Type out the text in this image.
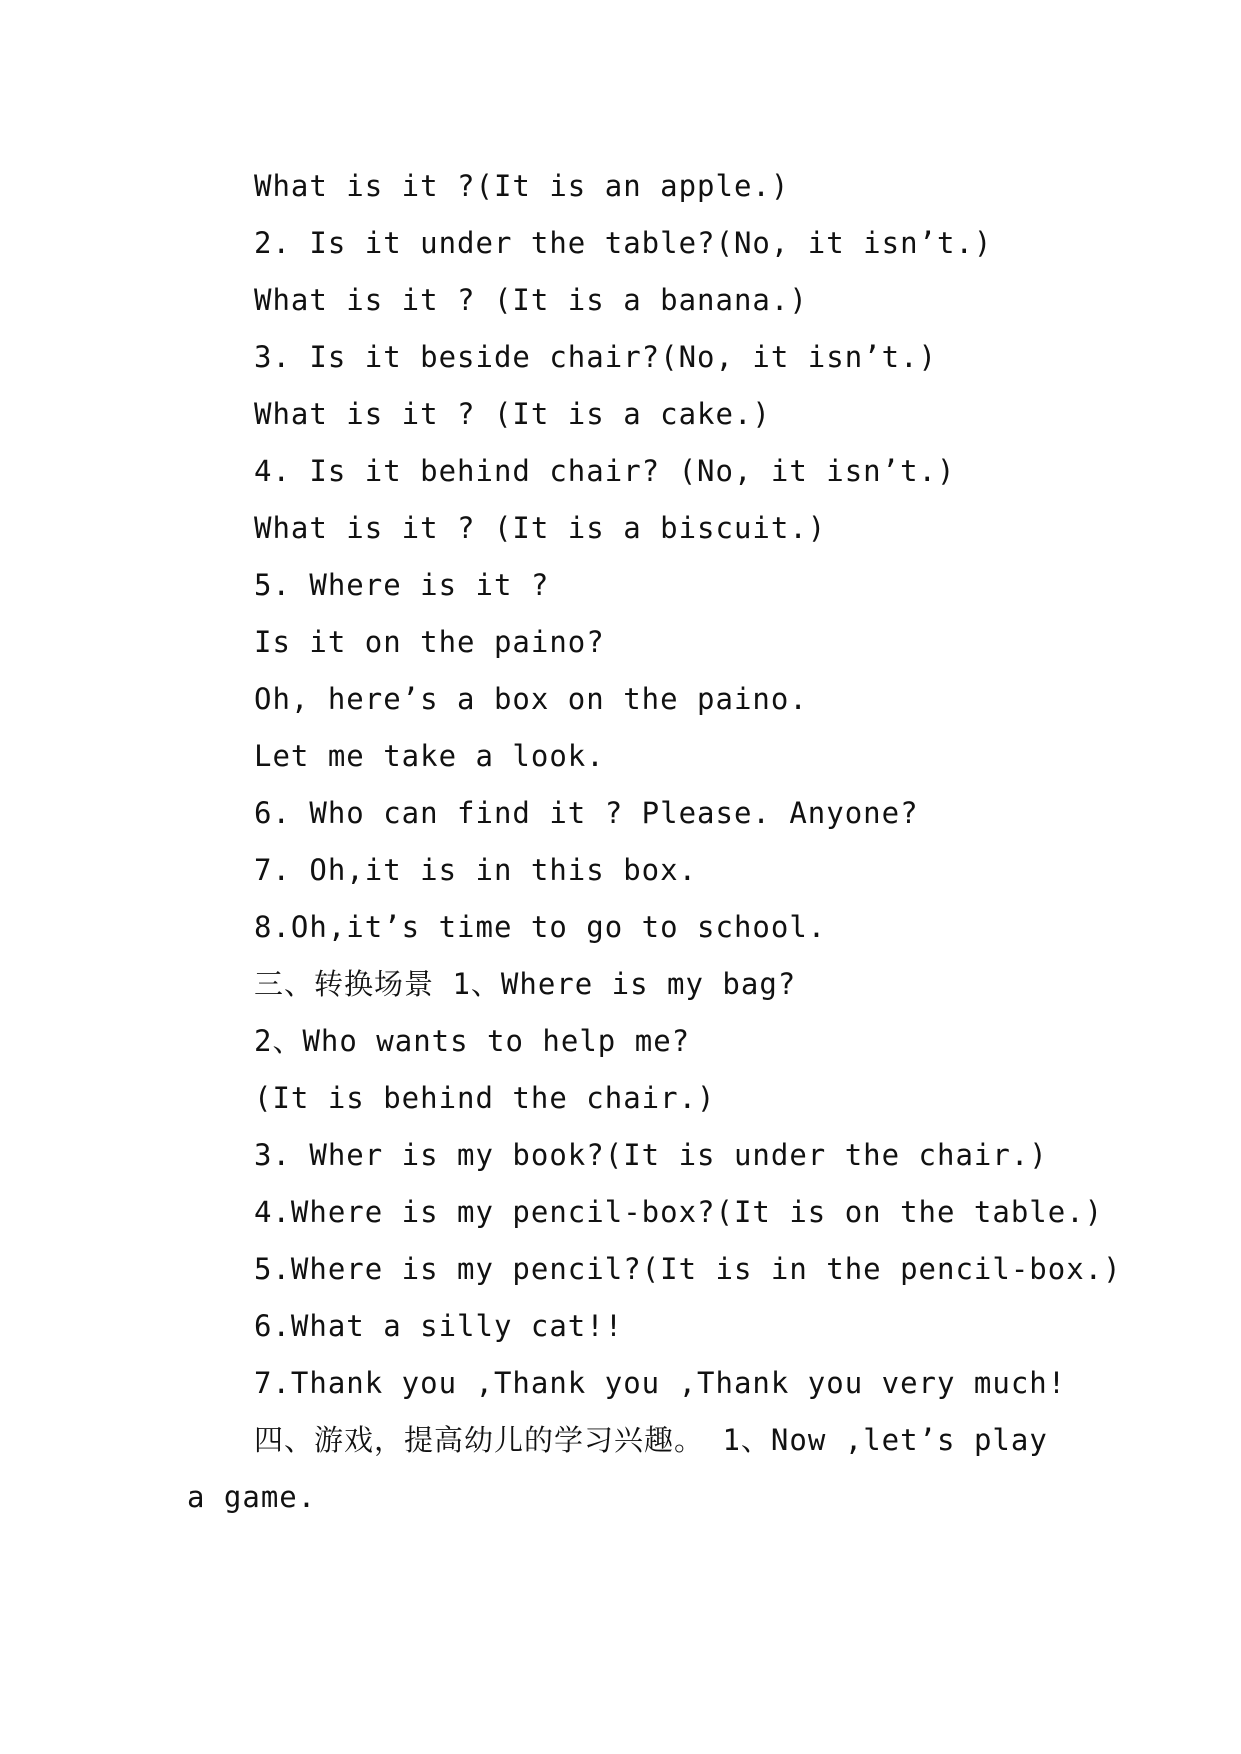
What is it ?(It is an apple.)

2. Is it under the table?(No, it isn’t.)

What is it ? (It is a banana.)

3. Is it beside chair?(No, it isn’t.)

What is it ? (It is a cake.)

4. Is it behind chair? (No, it isn’t.)

What is it ? (It is a biscuit.)

5. Where is it ?

Is it on the paino?

Oh, here’s a box on the paino.

Let me take a look.

6. Who can find it ? Please. Anyone?

7. Oh,it is in this box.

8.Oh,it’s time to go to school.

三、转换场景 1、Where is my bag?

2、Who wants to help me?

(It is behind the chair.)

3. Wher is my book?(It is under the chair.)

4.Where is my pencil-box?(It is on the table.)

5.Where is my pencil?(It is in the pencil-box.)

6.What a silly cat!!

7.Thank you ,Thank you ,Thank you very much!

四、游戏，提高幼儿的学习兴趣。 1、Now ,let’s play

a game.
